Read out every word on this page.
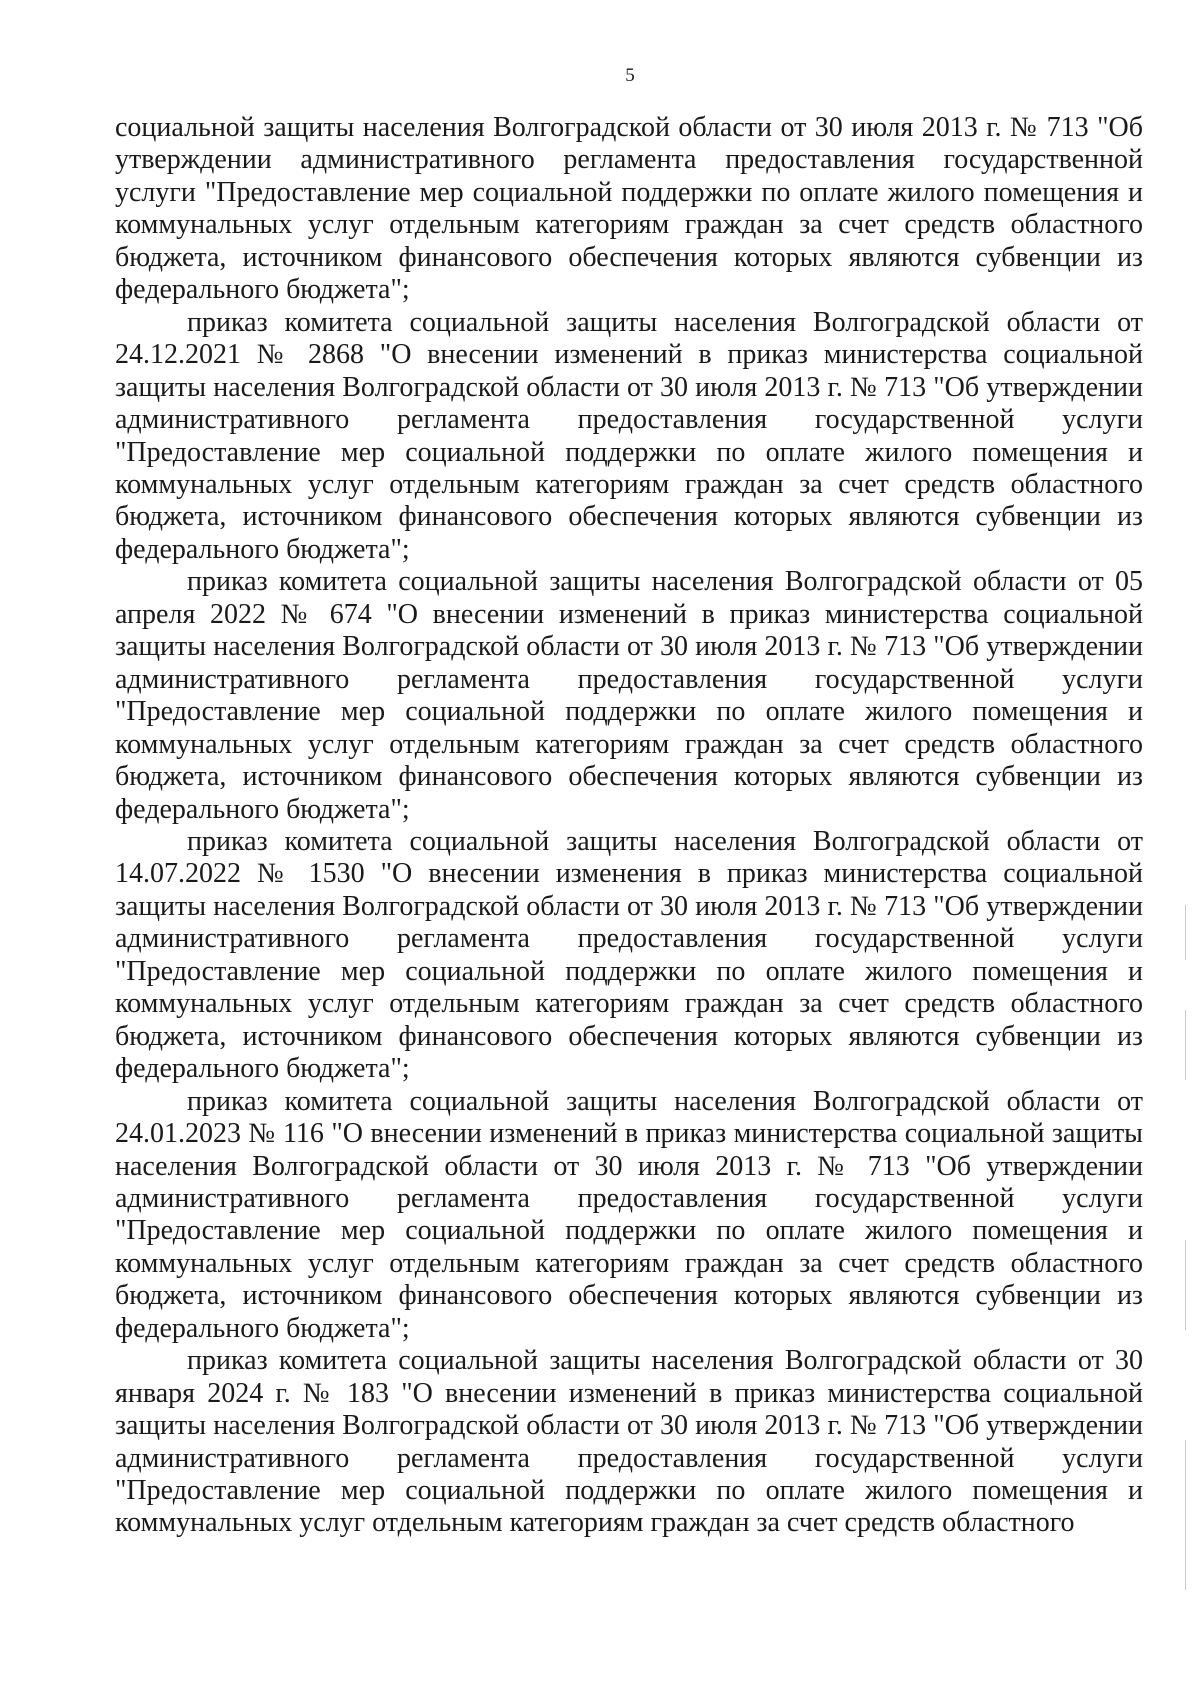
5

социальной защиты населения Волгоградской области от 30 июля 2013 г. № 713 "Об утверждении административного регламента предоставления государственной услуги "Предоставление мер социальной поддержки по оплате жилого помещения и коммунальных услуг отдельным категориям граждан за счет средств областного бюджета, источником финансового обеспечения которых являются субвенции из федерального бюджета";

приказ комитета социальной защиты населения Волгоградской области от 24.12.2021 № 2868 "О внесении изменений в приказ министерства социальной защиты населения Волгоградской области от 30 июля 2013 г. № 713 "Об утверждении административного регламента предоставления государственной услуги "Предоставление мер социальной поддержки по оплате жилого помещения и коммунальных услуг отдельным категориям граждан за счет средств областного бюджета, источником финансового обеспечения которых являются субвенции из федерального бюджета";

приказ комитета социальной защиты населения Волгоградской области от 05 апреля 2022 № 674 "О внесении изменений в приказ министерства социальной защиты населения Волгоградской области от 30 июля 2013 г. № 713 "Об утверждении административного регламента предоставления государственной услуги "Предоставление мер социальной поддержки по оплате жилого помещения и коммунальных услуг отдельным категориям граждан за счет средств областного бюджета, источником финансового обеспечения которых являются субвенции из федерального бюджета";

приказ комитета социальной защиты населения Волгоградской области от 14.07.2022 № 1530 "О внесении изменения в приказ министерства социальной защиты населения Волгоградской области от 30 июля 2013 г. № 713 "Об утверждении административного регламента предоставления государственной услуги "Предоставление мер социальной поддержки по оплате жилого помещения и коммунальных услуг отдельным категориям граждан за счет средств областного бюджета, источником финансового обеспечения которых являются субвенции из федерального бюджета";

приказ комитета социальной защиты населения Волгоградской области от 24.01.2023 № 116 "О внесении изменений в приказ министерства социальной защиты населения Волгоградской области от 30 июля 2013 г. № 713 "Об утверждении административного регламента предоставления государственной услуги "Предоставление мер социальной поддержки по оплате жилого помещения и коммунальных услуг отдельным категориям граждан за счет средств областного бюджета, источником финансового обеспечения которых являются субвенции из федерального бюджета";

приказ комитета социальной защиты населения Волгоградской области от 30 января 2024 г. № 183 "О внесении изменений в приказ министерства социальной защиты населения Волгоградской области от 30 июля 2013 г. № 713 "Об утверждении административного регламента предоставления государственной услуги "Предоставление мер социальной поддержки по оплате жилого помещения и коммунальных услуг отдельным категориям граждан за счет средств областного
